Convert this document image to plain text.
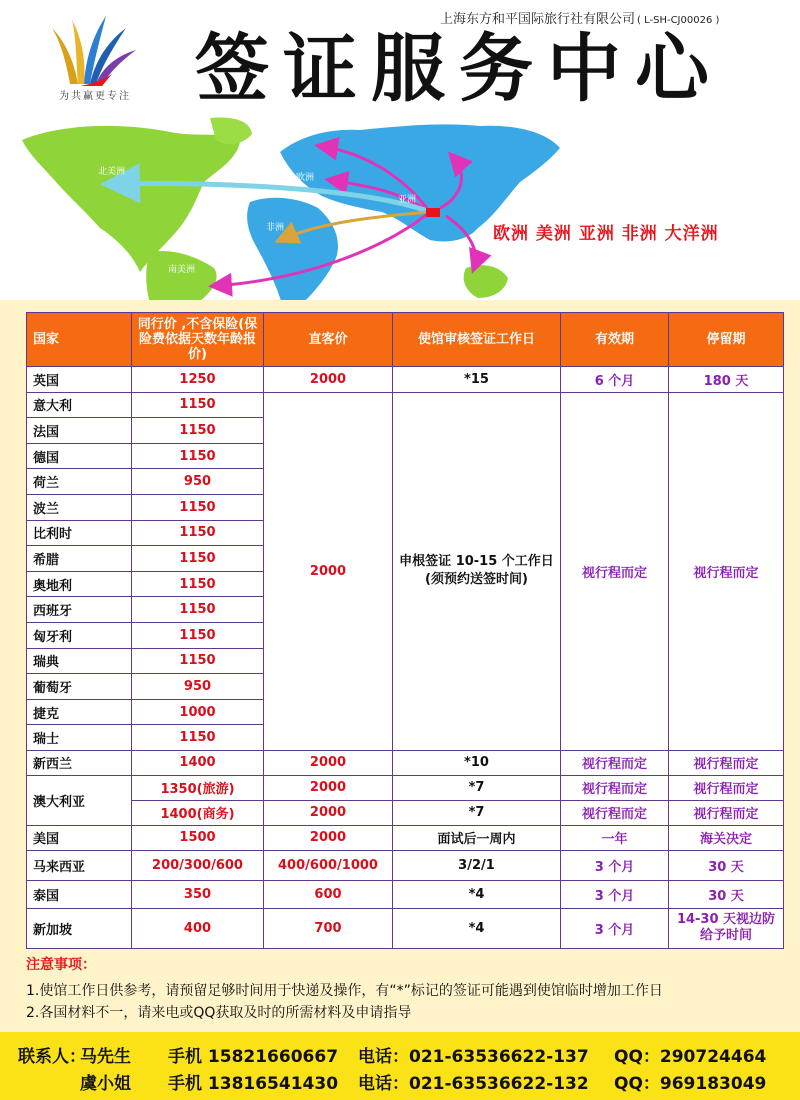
为共赢更专注
上海东方和平国际旅行社有限公司 ( L-SH-CJ00026 )
签证服务中心
北美洲
南美洲
欧洲
亚洲
非洲	欧洲 美洲 亚洲 非洲 大洋洲
国家	同行价 ,不含保险(保险费依据天数年龄报价)	直客价	使馆审核签证工作日	有效期	停留期
英国	1250	2000	*15	6 个月	180 天
意大利	1150	2000	申根签证 10-15 个工作日(须预约送签时间)	视行程而定	视行程而定
法国	1150				
德国	1150				
荷兰	950				
波兰	1150				
比利时	1150				
希腊	1150				
奥地利	1150				
西班牙	1150				
匈牙利	1150				
瑞典	1150				
葡萄牙	950				
捷克	1000				
瑞士	1150				
新西兰	1400	2000	*10	视行程而定	视行程而定
澳大利亚	1350(旅游)	2000	*7	视行程而定	视行程而定
	1400(商务)	2000	*7	视行程而定	视行程而定
美国	1500	2000	面试后一周内	一年	海关决定
马来西亚	200/300/600	400/600/1000	3/2/1	3 个月	30 天
泰国	350	600	*4	3 个月	30 天
新加坡	400	700	*4	3 个月	14-30 天视边防给予时间
注意事项：
1.使馆工作日供参考，请预留足够时间用于快递及操作，有“*”标记的签证可能遇到使馆临时增加工作日
2.各国材料不一，请来电或QQ获取及时的所需材料及申请指导
联系人：马先生 手机 15821660667 电话：021-63536622-137 QQ：290724464
虞小姐 手机 13816541430 电话：021-63536622-132 QQ：969183049
